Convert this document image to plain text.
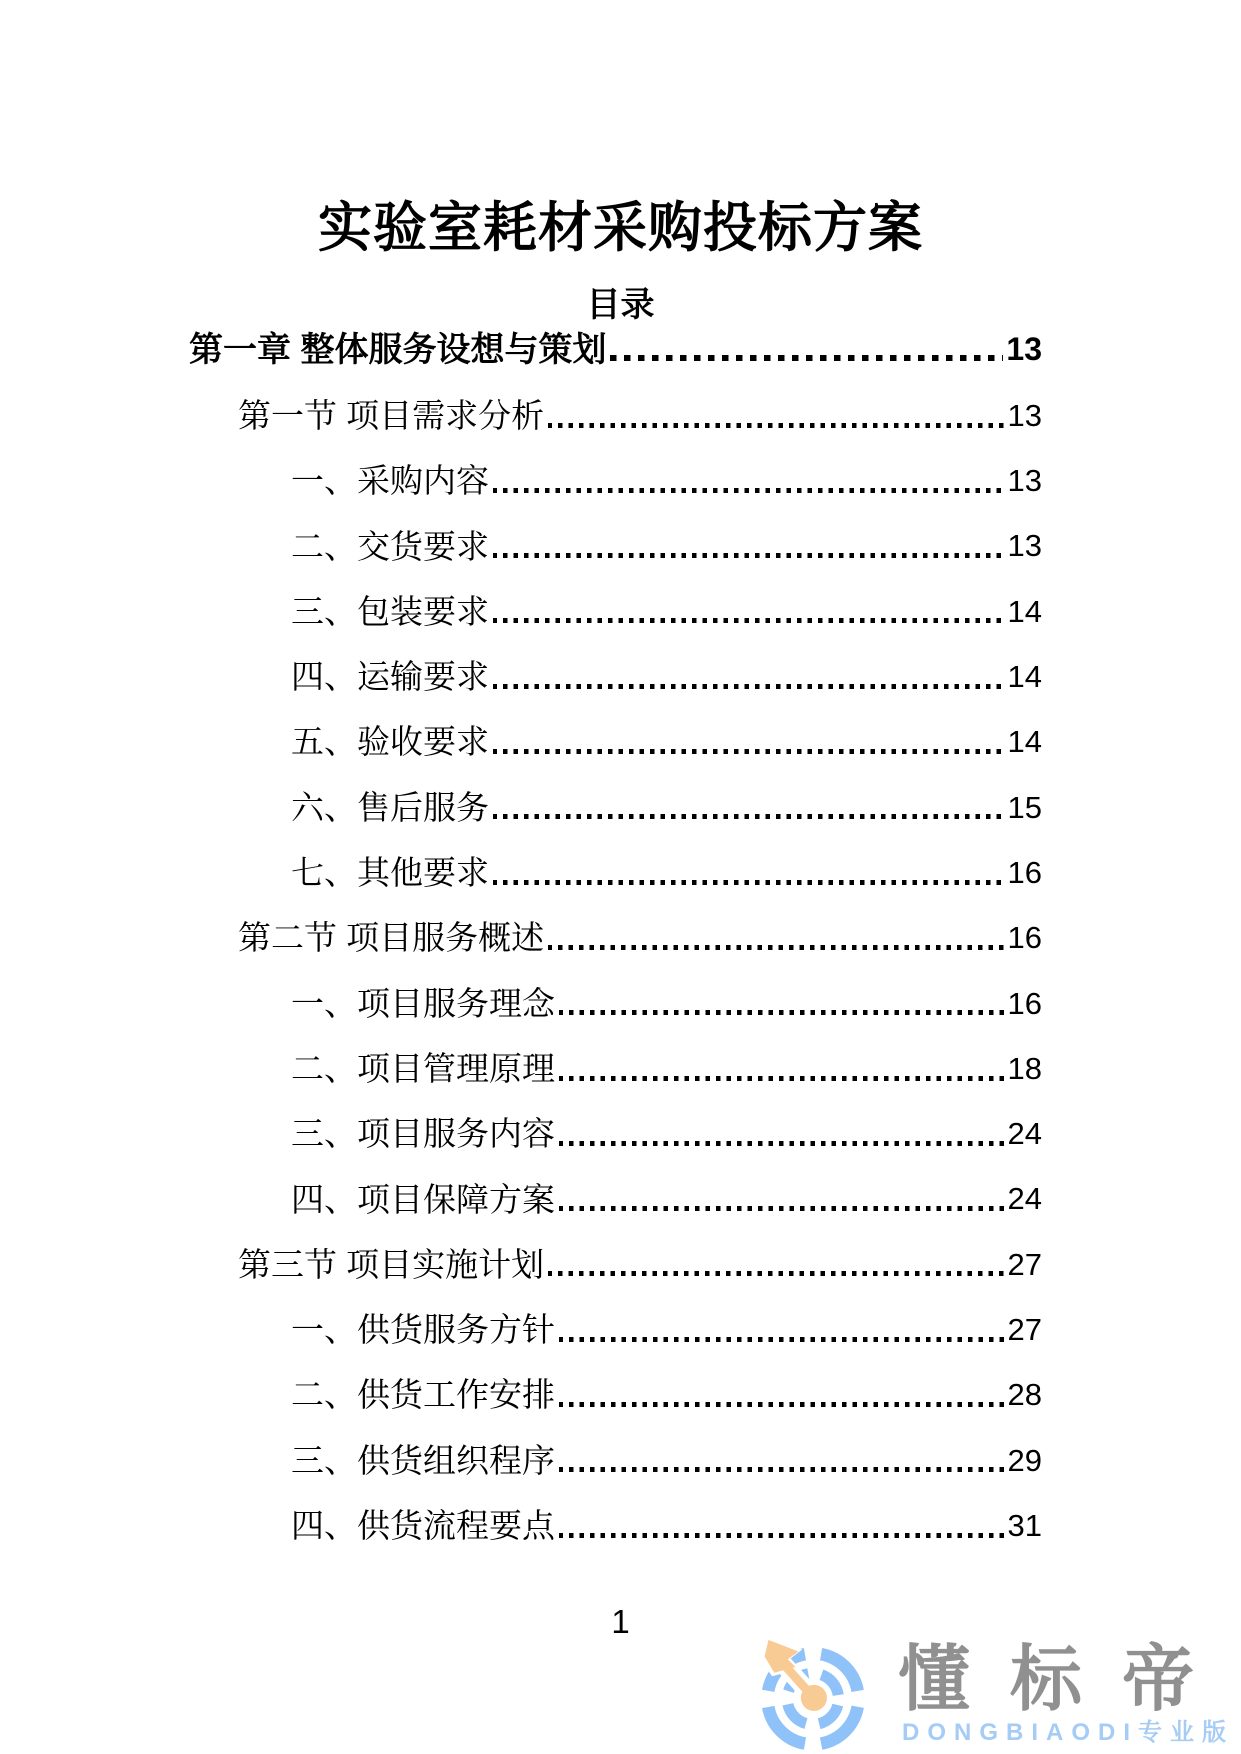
实验室耗材采购投标方案
目录
第一章 整体服务设想与策划	13
第一节 项目需求分析	13
一、采购内容	13
二、交货要求	13
三、包装要求	14
四、运输要求	14
五、验收要求	14
六、售后服务	15
七、其他要求	16
第二节 项目服务概述	16
一、项目服务理念	16
二、项目管理原理	18
三、项目服务内容	24
四、项目保障方案	24
第三节 项目实施计划	27
一、供货服务方针	27
二、供货工作安排	28
三、供货组织程序	29
四、供货流程要点	31
1
懂标帝
DONGBIAODI专业版
